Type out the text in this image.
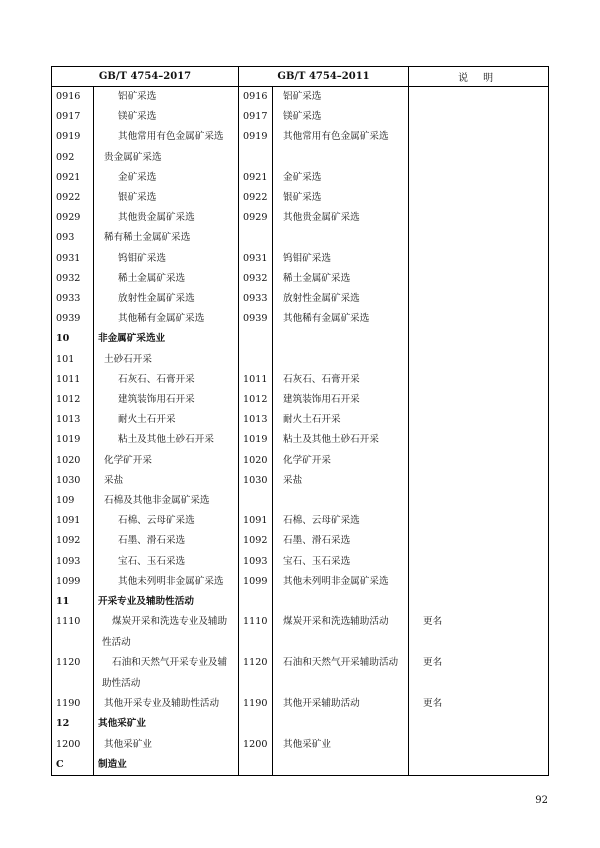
GB/T 4754–2017		GB/T 4754–2011		说 明
0916	铝矿采选	0916	铝矿采选	
0917	镁矿采选	0917	镁矿采选	
0919	其他常用有色金属矿采选	0919	其他常用有色金属矿采选	
092	贵金属矿采选			
0921	金矿采选	0921	金矿采选	
0922	银矿采选	0922	银矿采选	
0929	其他贵金属矿采选	0929	其他贵金属矿采选	
093	稀有稀土金属矿采选			
0931	钨钼矿采选	0931	钨钼矿采选	
0932	稀土金属矿采选	0932	稀土金属矿采选	
0933	放射性金属矿采选	0933	放射性金属矿采选	
0939	其他稀有金属矿采选	0939	其他稀有金属矿采选	
10	非金属矿采选业			
101	土砂石开采			
1011	石灰石、石膏开采	1011	石灰石、石膏开采	
1012	建筑装饰用石开采	1012	建筑装饰用石开采	
1013	耐火土石开采	1013	耐火土石开采	
1019	粘土及其他土砂石开采	1019	粘土及其他土砂石开采	
1020	化学矿开采	1020	化学矿开采	
1030	采盐	1030	采盐	
109	石棉及其他非金属矿采选			
1091	石棉、云母矿采选	1091	石棉、云母矿采选	
1092	石墨、滑石采选	1092	石墨、滑石采选	
1093	宝石、玉石采选	1093	宝石、玉石采选	
1099	其他未列明非金属矿采选	1099	其他未列明非金属矿采选	
11	开采专业及辅助性活动			
1110	煤炭开采和洗选专业及辅助性活动	1110	煤炭开采和洗选辅助活动	更名
1120	石油和天然气开采专业及辅助性活动	1120	石油和天然气开采辅助活动	更名
1190	其他开采专业及辅助性活动	1190	其他开采辅助活动	更名
12	其他采矿业			
1200	其他采矿业	1200	其他采矿业	
C	制造业			
92
